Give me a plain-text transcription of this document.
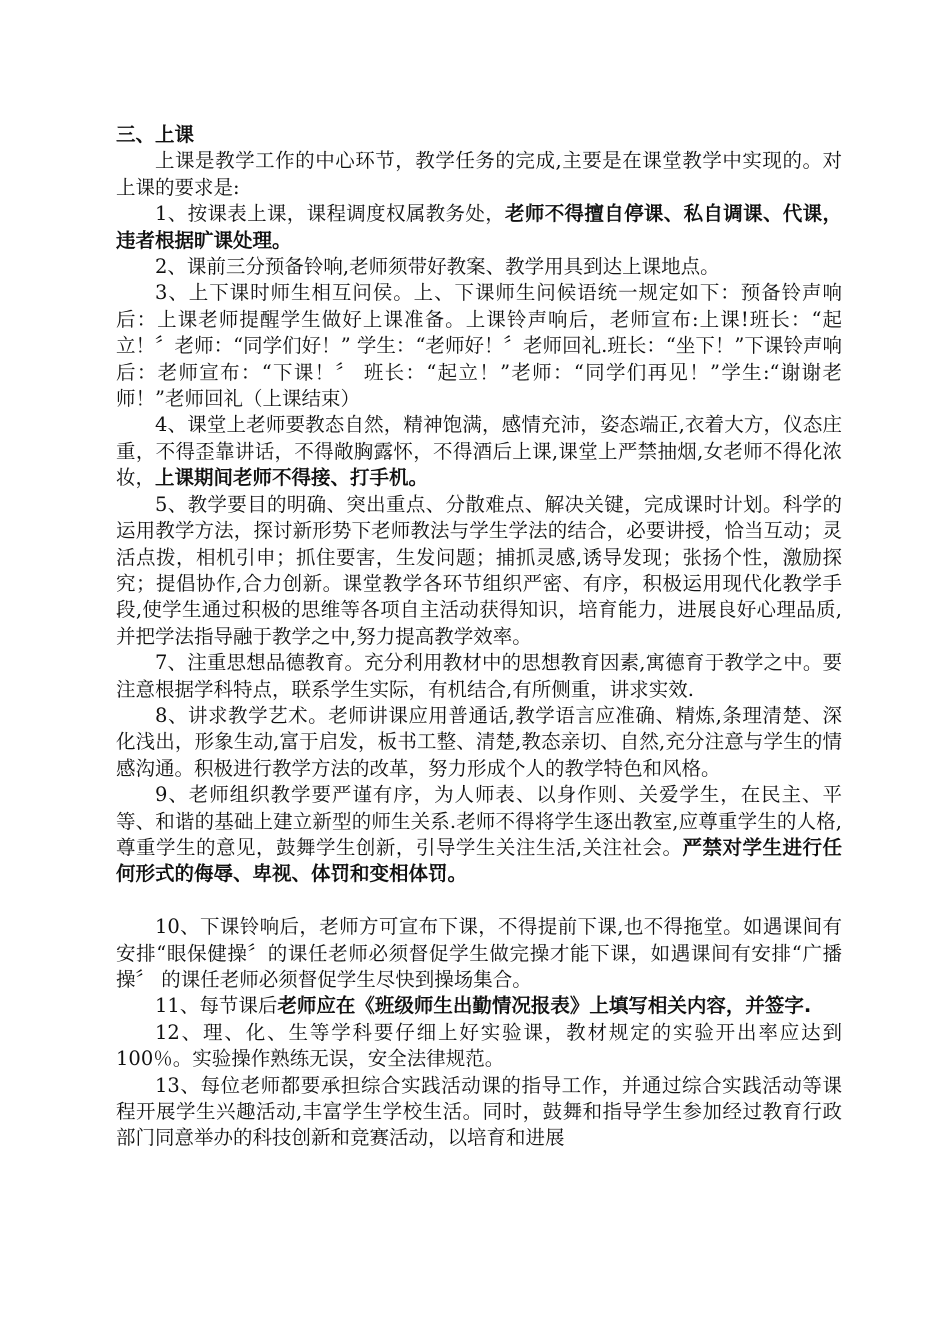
三、上课

上课是教学工作的中心环节，教学任务的完成,主要是在课堂教学中实现的。对上课的要求是:

1、按课表上课，课程调度权属教务处，老师不得擅自停课、私自调课、代课，违者根据旷课处理。

2、课前三分预备铃响,老师须带好教案、教学用具到达上课地点。

3、上下课时师生相互问侯。上、下课师生问候语统一规定如下：预备铃声响后：上课老师提醒学生做好上课准备。上课铃声响后，老师宣布:上课!班长：“起立！〞老师：“同学们好！” 学生：“老师好！〞老师回礼.班长：“坐下！”下课铃声响后：老师宣布：“下课！〞 班长：“起立！”老师：“同学们再见！”学生:“谢谢老师！”老师回礼（上课结束）

4、课堂上老师要教态自然，精神饱满，感情充沛，姿态端正,衣着大方，仪态庄重，不得歪靠讲话，不得敞胸露怀，不得酒后上课,课堂上严禁抽烟,女老师不得化浓妆，上课期间老师不得接、打手机。

5、教学要目的明确、突出重点、分散难点、解决关键，完成课时计划。科学的运用教学方法，探讨新形势下老师教法与学生学法的结合，必要讲授，恰当互动；灵活点拨，相机引申；抓住要害，生发问题；捕抓灵感,诱导发现；张扬个性，激励探究；提倡协作,合力创新。课堂教学各环节组织严密、有序，积极运用现代化教学手段,使学生通过积极的思维等各项自主活动获得知识，培育能力，进展良好心理品质,并把学法指导融于教学之中,努力提高教学效率。

7、注重思想品德教育。充分利用教材中的思想教育因素,寓德育于教学之中。要注意根据学科特点，联系学生实际，有机结合,有所侧重，讲求实效.

8、讲求教学艺术。老师讲课应用普通话,教学语言应准确、精炼,条理清楚、深化浅出，形象生动,富于启发，板书工整、清楚,教态亲切、自然,充分注意与学生的情感沟通。积极进行教学方法的改革，努力形成个人的教学特色和风格。

9、老师组织教学要严谨有序，为人师表、以身作则、关爱学生，在民主、平等、和谐的基础上建立新型的师生关系.老师不得将学生逐出教室,应尊重学生的人格,尊重学生的意见，鼓舞学生创新，引导学生关注生活,关注社会。严禁对学生进行任何形式的侮辱、卑视、体罚和变相体罚。

10、下课铃响后，老师方可宣布下课，不得提前下课,也不得拖堂。如遇课间有安排“眼保健操〞的课任老师必须督促学生做完操才能下课，如遇课间有安排“广播操〞 的课任老师必须督促学生尽快到操场集合。

11、每节课后老师应在《班级师生出勤情况报表》上填写相关内容，并签字.

12、理、化、生等学科要仔细上好实验课，教材规定的实验开出率应达到100％。实验操作熟练无误，安全法律规范。

13、每位老师都要承担综合实践活动课的指导工作，并通过综合实践活动等课程开展学生兴趣活动,丰富学生学校生活。同时，鼓舞和指导学生参加经过教育行政部门同意举办的科技创新和竞赛活动，以培育和进展
